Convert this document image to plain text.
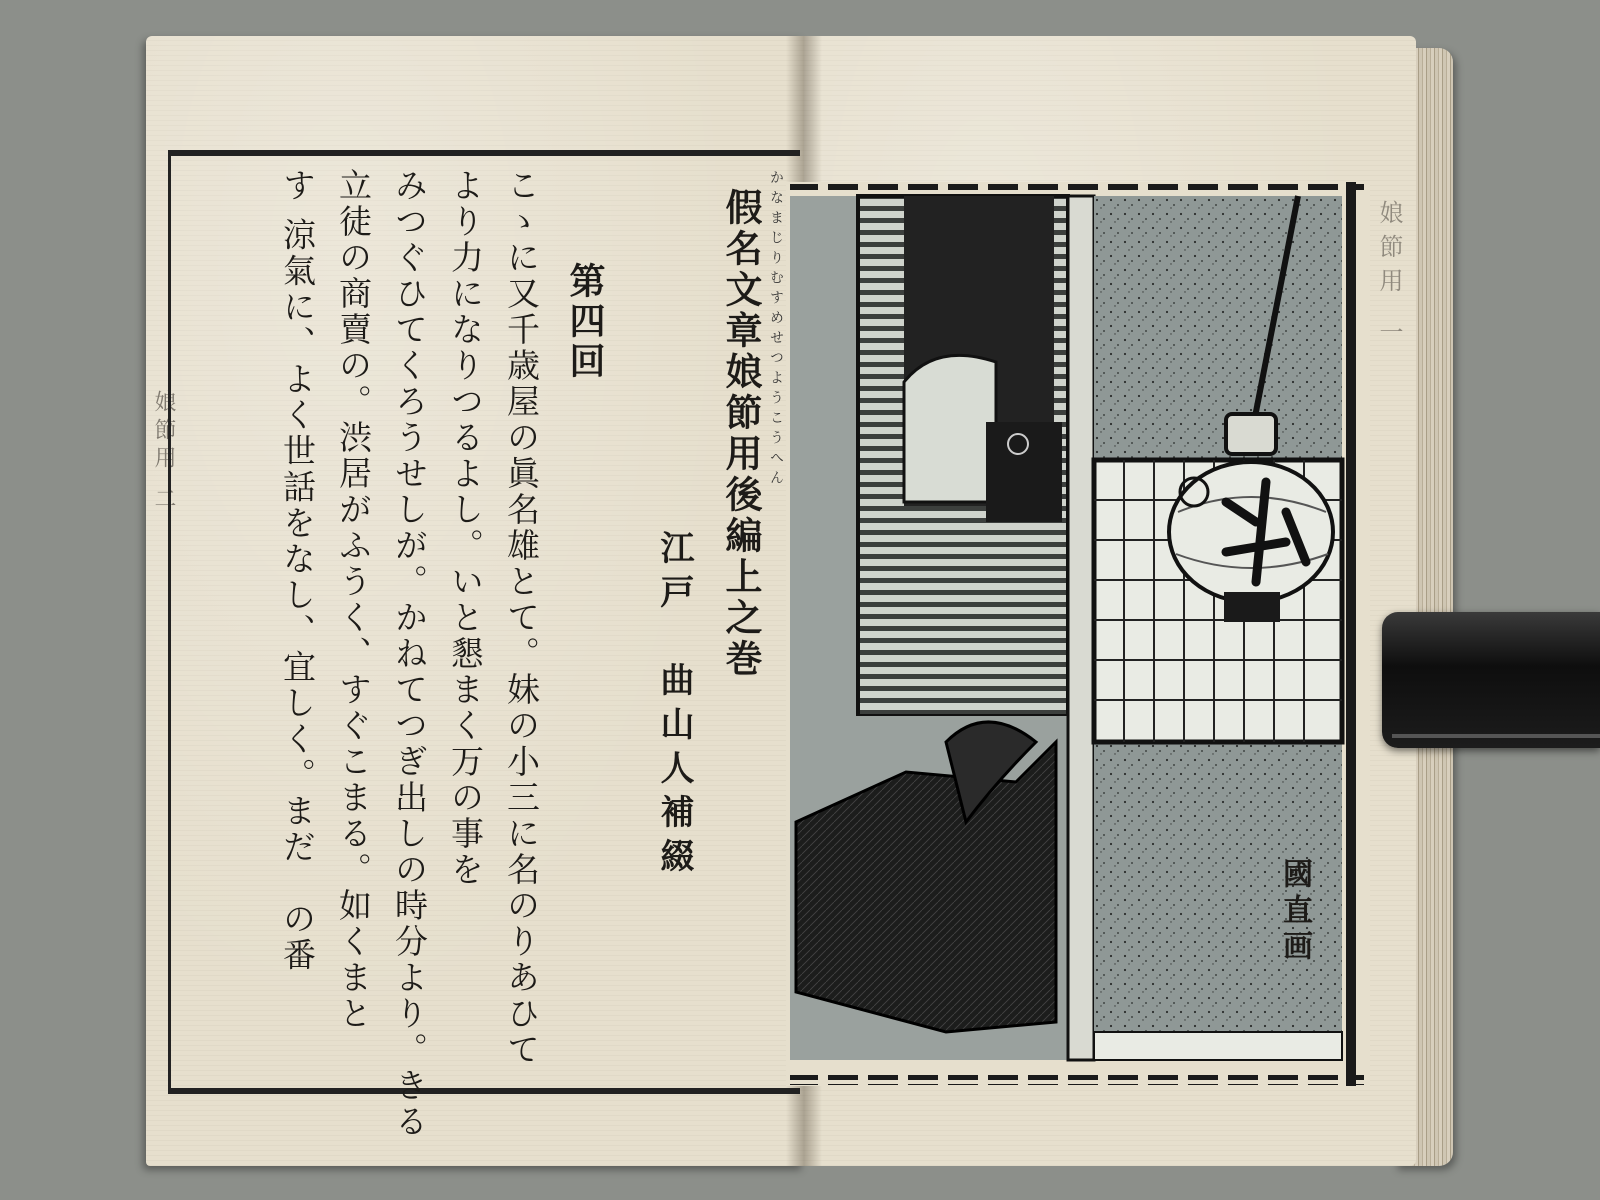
娘節用 二
娘節用 一

かなまじりむすめせつようこうへん

假名文章娘節用後編上之巻

江戸　曲山人補綴

第四回

こゝに又千歳屋の眞名雄とて。妹の小三に名のりあひて

より力になりつるよし。いと懇まく万の事を

みつぐひてくろうせしが。かねてつぎ出しの時分より。きる

立徒の商賣の。渋居がふうく、すぐこまる。如くまと

す 涼氣に、よく世話をなし、宜しく。まだ　の番	國直画
